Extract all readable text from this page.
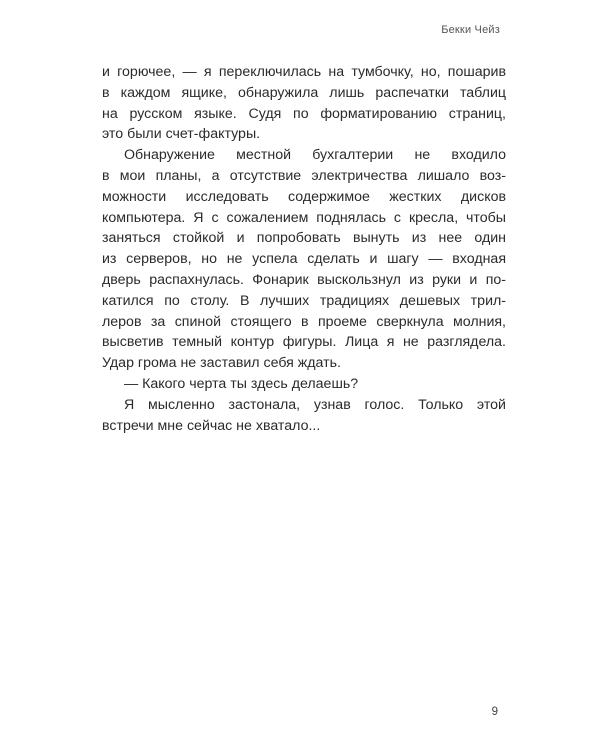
Бекки Чейз
и горючее, — я переключилась на тумбочку, но, пошарив
в каждом ящике, обнаружила лишь распечатки таблиц
на русском языке. Судя по форматированию страниц,
это были счет-фактуры.
Обнаружение местной бухгалтерии не входило
в мои планы, а отсутствие электричества лишало воз-
можности исследовать содержимое жестких дисков
компьютера. Я с сожалением поднялась с кресла, чтобы
заняться стойкой и попробовать вынуть из нее один
из серверов, но не успела сделать и шагу — входная
дверь распахнулась. Фонарик выскользнул из руки и по-
катился по столу. В лучших традициях дешевых трил-
леров за спиной стоящего в проеме сверкнула молния,
высветив темный контур фигуры. Лица я не разглядела.
Удар грома не заставил себя ждать.
— Какого черта ты здесь делаешь?
Я мысленно застонала, узнав голос. Только этой
встречи мне сейчас не хватало...
9
